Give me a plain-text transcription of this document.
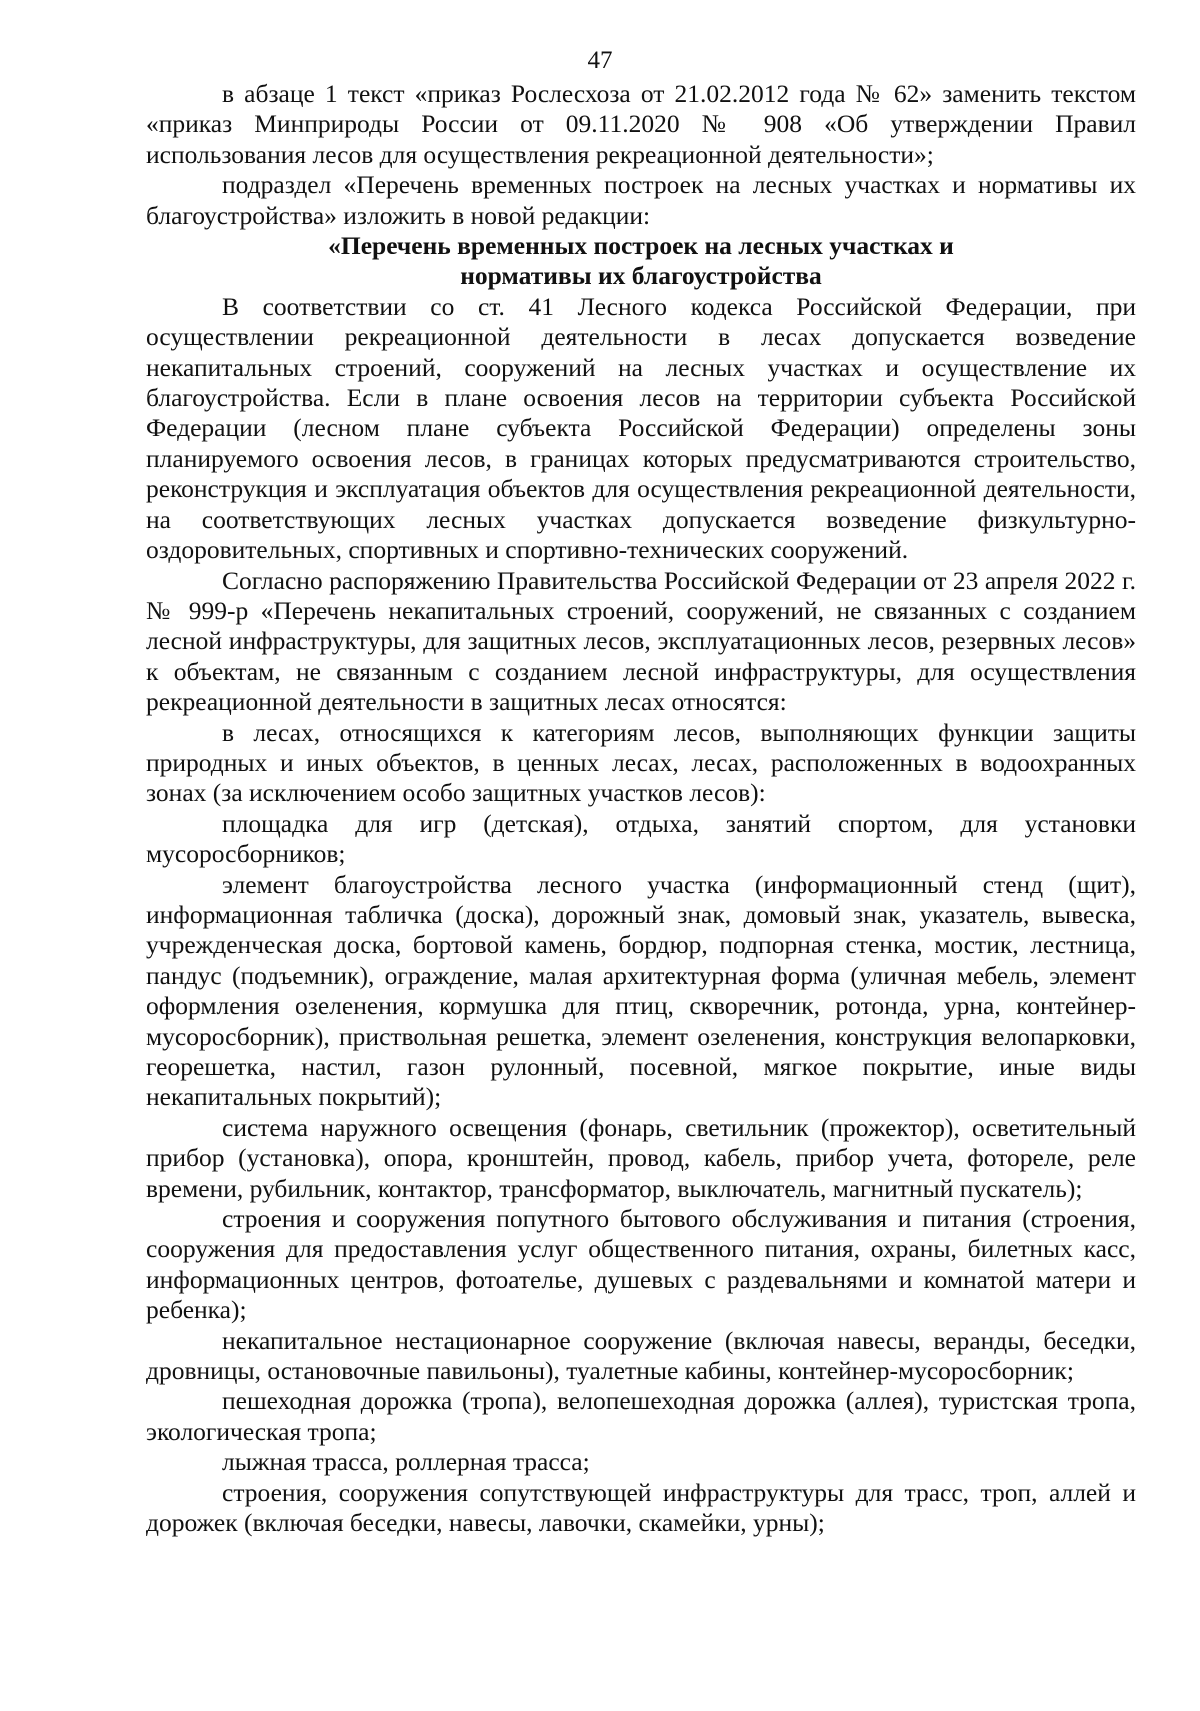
47

в абзаце 1 текст «приказ Рослесхоза от 21.02.2012 года № 62» заменить текстом «приказ Минприроды России от 09.11.2020 № 908 «Об утверждении Правил использования лесов для осуществления рекреационной деятельности»;

подраздел «Перечень временных построек на лесных участках и нормативы их благоустройства» изложить в новой редакции:

«Перечень временных построек на лесных участках и
нормативы их благоустройства

В соответствии со ст. 41 Лесного кодекса Российской Федерации, при осуществлении рекреационной деятельности в лесах допускается возведение некапитальных строений, сооружений на лесных участках и осуществление их благоустройства. Если в плане освоения лесов на территории субъекта Российской Федерации (лесном плане субъекта Российской Федерации) определены зоны планируемого освоения лесов, в границах которых предусматриваются строительство, реконструкция и эксплуатация объектов для осуществления рекреационной деятельности, на соответствующих лесных участках допускается возведение физкультурно-оздоровительных, спортивных и спортивно-технических сооружений.

Согласно распоряжению Правительства Российской Федерации от 23 апреля 2022 г. № 999-р «Перечень некапитальных строений, сооружений, не связанных с созданием лесной инфраструктуры, для защитных лесов, эксплуатационных лесов, резервных лесов» к объектам, не связанным с созданием лесной инфраструктуры, для осуществления рекреационной деятельности в защитных лесах относятся:

в лесах, относящихся к категориям лесов, выполняющих функции защиты природных и иных объектов, в ценных лесах, лесах, расположенных в водоохранных зонах (за исключением особо защитных участков лесов):

площадка для игр (детская), отдыха, занятий спортом, для установки мусоросборников;

элемент благоустройства лесного участка (информационный стенд (щит), информационная табличка (доска), дорожный знак, домовый знак, указатель, вывеска, учрежденческая доска, бортовой камень, бордюр, подпорная стенка, мостик, лестница, пандус (подъемник), ограждение, малая архитектурная форма (уличная мебель, элемент оформления озеленения, кормушка для птиц, скворечник, ротонда, урна, контейнер-мусоросборник), приствольная решетка, элемент озеленения, конструкция велопарковки, георешетка, настил, газон рулонный, посевной, мягкое покрытие, иные виды некапитальных покрытий);

система наружного освещения (фонарь, светильник (прожектор), осветительный прибор (установка), опора, кронштейн, провод, кабель, прибор учета, фотореле, реле времени, рубильник, контактор, трансформатор, выключатель, магнитный пускатель);

строения и сооружения попутного бытового обслуживания и питания (строения, сооружения для предоставления услуг общественного питания, охраны, билетных касс, информационных центров, фотоателье, душевых с раздевальнями и комнатой матери и ребенка);

некапитальное нестационарное сооружение (включая навесы, веранды, беседки, дровницы, остановочные павильоны), туалетные кабины, контейнер-мусоросборник;

пешеходная дорожка (тропа), велопешеходная дорожка (аллея), туристская тропа, экологическая тропа;

лыжная трасса, роллерная трасса;

строения, сооружения сопутствующей инфраструктуры для трасс, троп, аллей и дорожек (включая беседки, навесы, лавочки, скамейки, урны);
